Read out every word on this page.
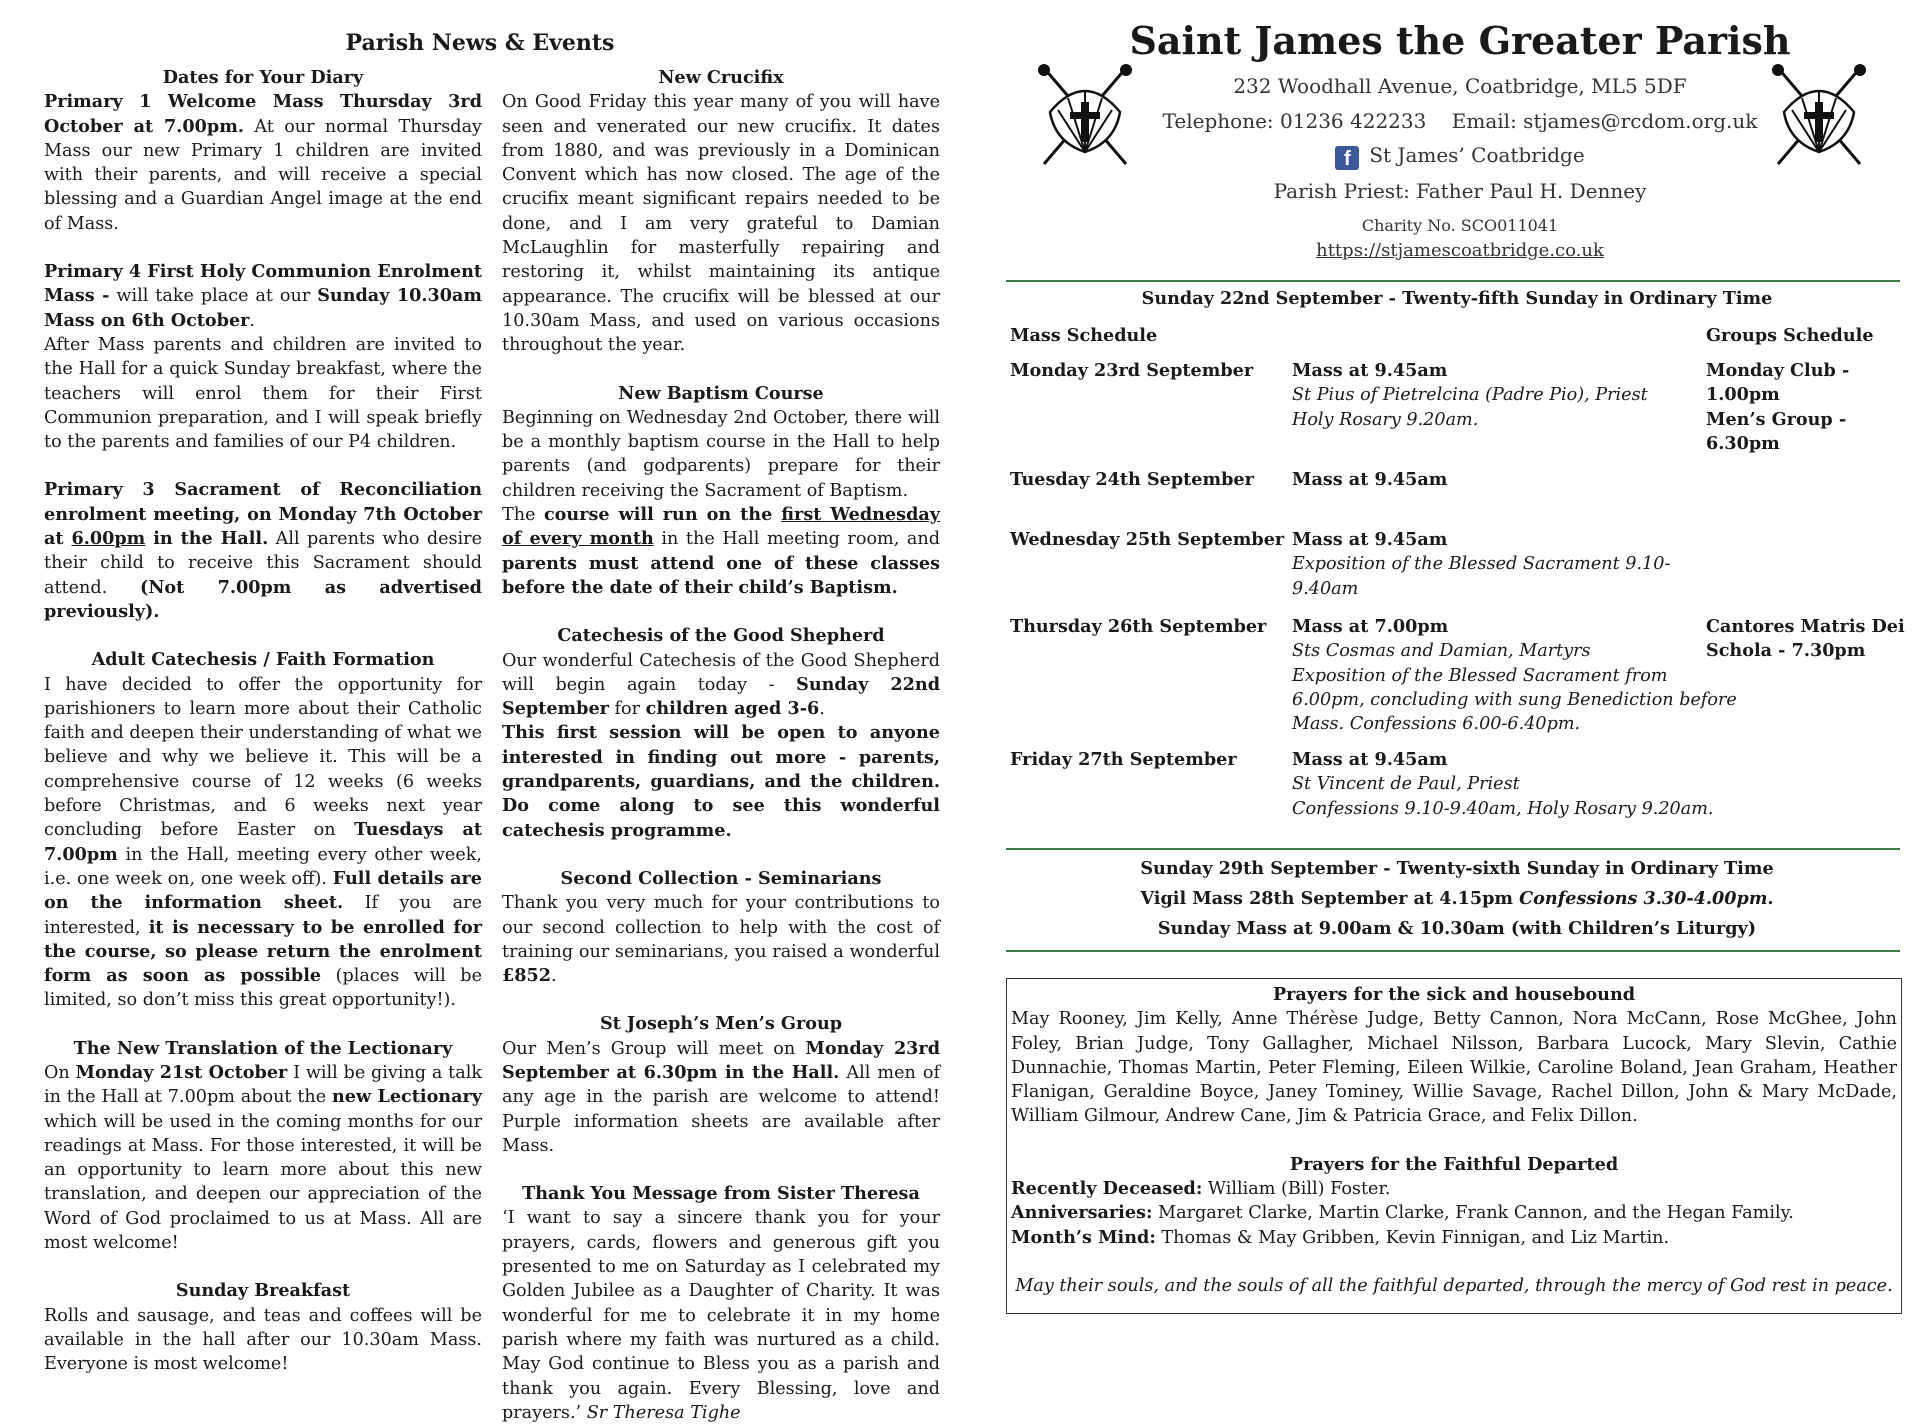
Parish News & Events

Dates for Your Diary

Primary 1 Welcome Mass Thursday 3rd October at 7.00pm. At our normal Thursday Mass our new Primary 1 children are invited with their parents, and will receive a special blessing and a Guardian Angel image at the end of Mass.

Primary 4 First Holy Communion Enrolment Mass - will take place at our Sunday 10.30am Mass on 6th October.

After Mass parents and children are invited to the Hall for a quick Sunday breakfast, where the teachers will enrol them for their First Communion preparation, and I will speak briefly to the parents and families of our P4 children.

Primary 3 Sacrament of Reconciliation enrolment meeting, on Monday 7th October at 6.00pm in the Hall. All parents who desire their child to receive this Sacrament should attend. (Not 7.00pm as advertised previously).

Adult Catechesis / Faith Formation

I have decided to offer the opportunity for parishioners to learn more about their Catholic faith and deepen their understanding of what we believe and why we believe it. This will be a comprehensive course of 12 weeks (6 weeks before Christmas, and 6 weeks next year concluding before Easter on Tuesdays at 7.00pm in the Hall, meeting every other week, i.e. one week on, one week off). Full details are on the information sheet. If you are interested, it is necessary to be enrolled for the course, so please return the enrolment form as soon as possible (places will be limited, so don’t miss this great opportunity!).

The New Translation of the Lectionary

On Monday 21st October I will be giving a talk in the Hall at 7.00pm about the new Lectionary which will be used in the coming months for our readings at Mass. For those interested, it will be an opportunity to learn more about this new translation, and deepen our appreciation of the Word of God proclaimed to us at Mass. All are most welcome!

Sunday Breakfast

Rolls and sausage, and teas and coffees will be available in the hall after our 10.30am Mass. Everyone is most welcome!

New Crucifix

On Good Friday this year many of you will have seen and venerated our new crucifix. It dates from 1880, and was previously in a Dominican Convent which has now closed. The age of the crucifix meant significant repairs needed to be done, and I am very grateful to Damian McLaughlin for masterfully repairing and restoring it, whilst maintaining its antique appearance. The crucifix will be blessed at our 10.30am Mass, and used on various occasions throughout the year.

New Baptism Course

Beginning on Wednesday 2nd October, there will be a monthly baptism course in the Hall to help parents (and godparents) prepare for their children receiving the Sacrament of Baptism.

The course will run on the first Wednesday of every month in the Hall meeting room, and parents must attend one of these classes before the date of their child’s Baptism.

Catechesis of the Good Shepherd

Our wonderful Catechesis of the Good Shepherd will begin again today - Sunday 22nd September for children aged 3-6.

This first session will be open to anyone interested in finding out more - parents, grandparents, guardians, and the children. Do come along to see this wonderful catechesis programme.

Second Collection - Seminarians

Thank you very much for your contributions to our second collection to help with the cost of training our seminarians, you raised a wonderful £852.

St Joseph’s Men’s Group

Our Men’s Group will meet on Monday 23rd September at 6.30pm in the Hall. All men of any age in the parish are welcome to attend! Purple information sheets are available after Mass.

Thank You Message from Sister Theresa

‘I want to say a sincere thank you for your prayers, cards, flowers and generous gift you presented to me on Saturday as I celebrated my Golden Jubilee as a Daughter of Charity. It was wonderful for me to celebrate it in my home parish where my faith was nurtured as a child. May God continue to Bless you as a parish and thank you again. Every Blessing, love and prayers.’ Sr Theresa Tighe

Saint James the Greater Parish
232 Woodhall Avenue, Coatbridge, ML5 5DF
Telephone: 01236 422233 Email: stjames@rcdom.org.uk
f St James’ Coatbridge
Parish Priest: Father Paul H. Denney
Charity No. SCO011041
https://stjamescoatbridge.co.uk
Sunday 22nd September - Twenty-fifth Sunday in Ordinary Time
Mass Schedule	Groups Schedule
Monday 23rd September Mass at 9.45am
St Pius of Pietrelcina (Padre Pio), Priest
Holy Rosary 9.20am.
Monday Club -
1.00pm
Men’s Group -
6.30pm
Tuesday 24th September Mass at 9.45am
Wednesday 25th September Mass at 9.45am
Exposition of the Blessed Sacrament 9.10-
9.40am
Thursday 26th September Mass at 7.00pm
Sts Cosmas and Damian, Martyrs
Exposition of the Blessed Sacrament from
6.00pm, concluding with sung Benediction before
Mass. Confessions 6.00-6.40pm.
Cantores Matris Dei
Schola - 7.30pm
Friday 27th September	Mass at 9.45am
St Vincent de Paul, Priest
Confessions 9.10-9.40am, Holy Rosary 9.20am.
Sunday 29th September - Twenty-sixth Sunday in Ordinary Time
Vigil Mass 28th September at 4.15pm Confessions 3.30-4.00pm.
Sunday Mass at 9.00am & 10.30am (with Children’s Liturgy)

Prayers for the sick and housebound

May Rooney, Jim Kelly, Anne Thérèse Judge, Betty Cannon, Nora McCann, Rose McGhee, John Foley, Brian Judge, Tony Gallagher, Michael Nilsson, Barbara Lucock, Mary Slevin, Cathie Dunnachie, Thomas Martin, Peter Fleming, Eileen Wilkie, Caroline Boland, Jean Graham, Heather Flanigan, Geraldine Boyce, Janey Tominey, Willie Savage, Rachel Dillon, John & Mary McDade, William Gilmour, Andrew Cane, Jim & Patricia Grace, and Felix Dillon.

Prayers for the Faithful Departed

Recently Deceased: William (Bill) Foster.

Anniversaries: Margaret Clarke, Martin Clarke, Frank Cannon, and the Hegan Family.

Month’s Mind: Thomas & May Gribben, Kevin Finnigan, and Liz Martin.

May their souls, and the souls of all the faithful departed, through the mercy of God rest in peace.
